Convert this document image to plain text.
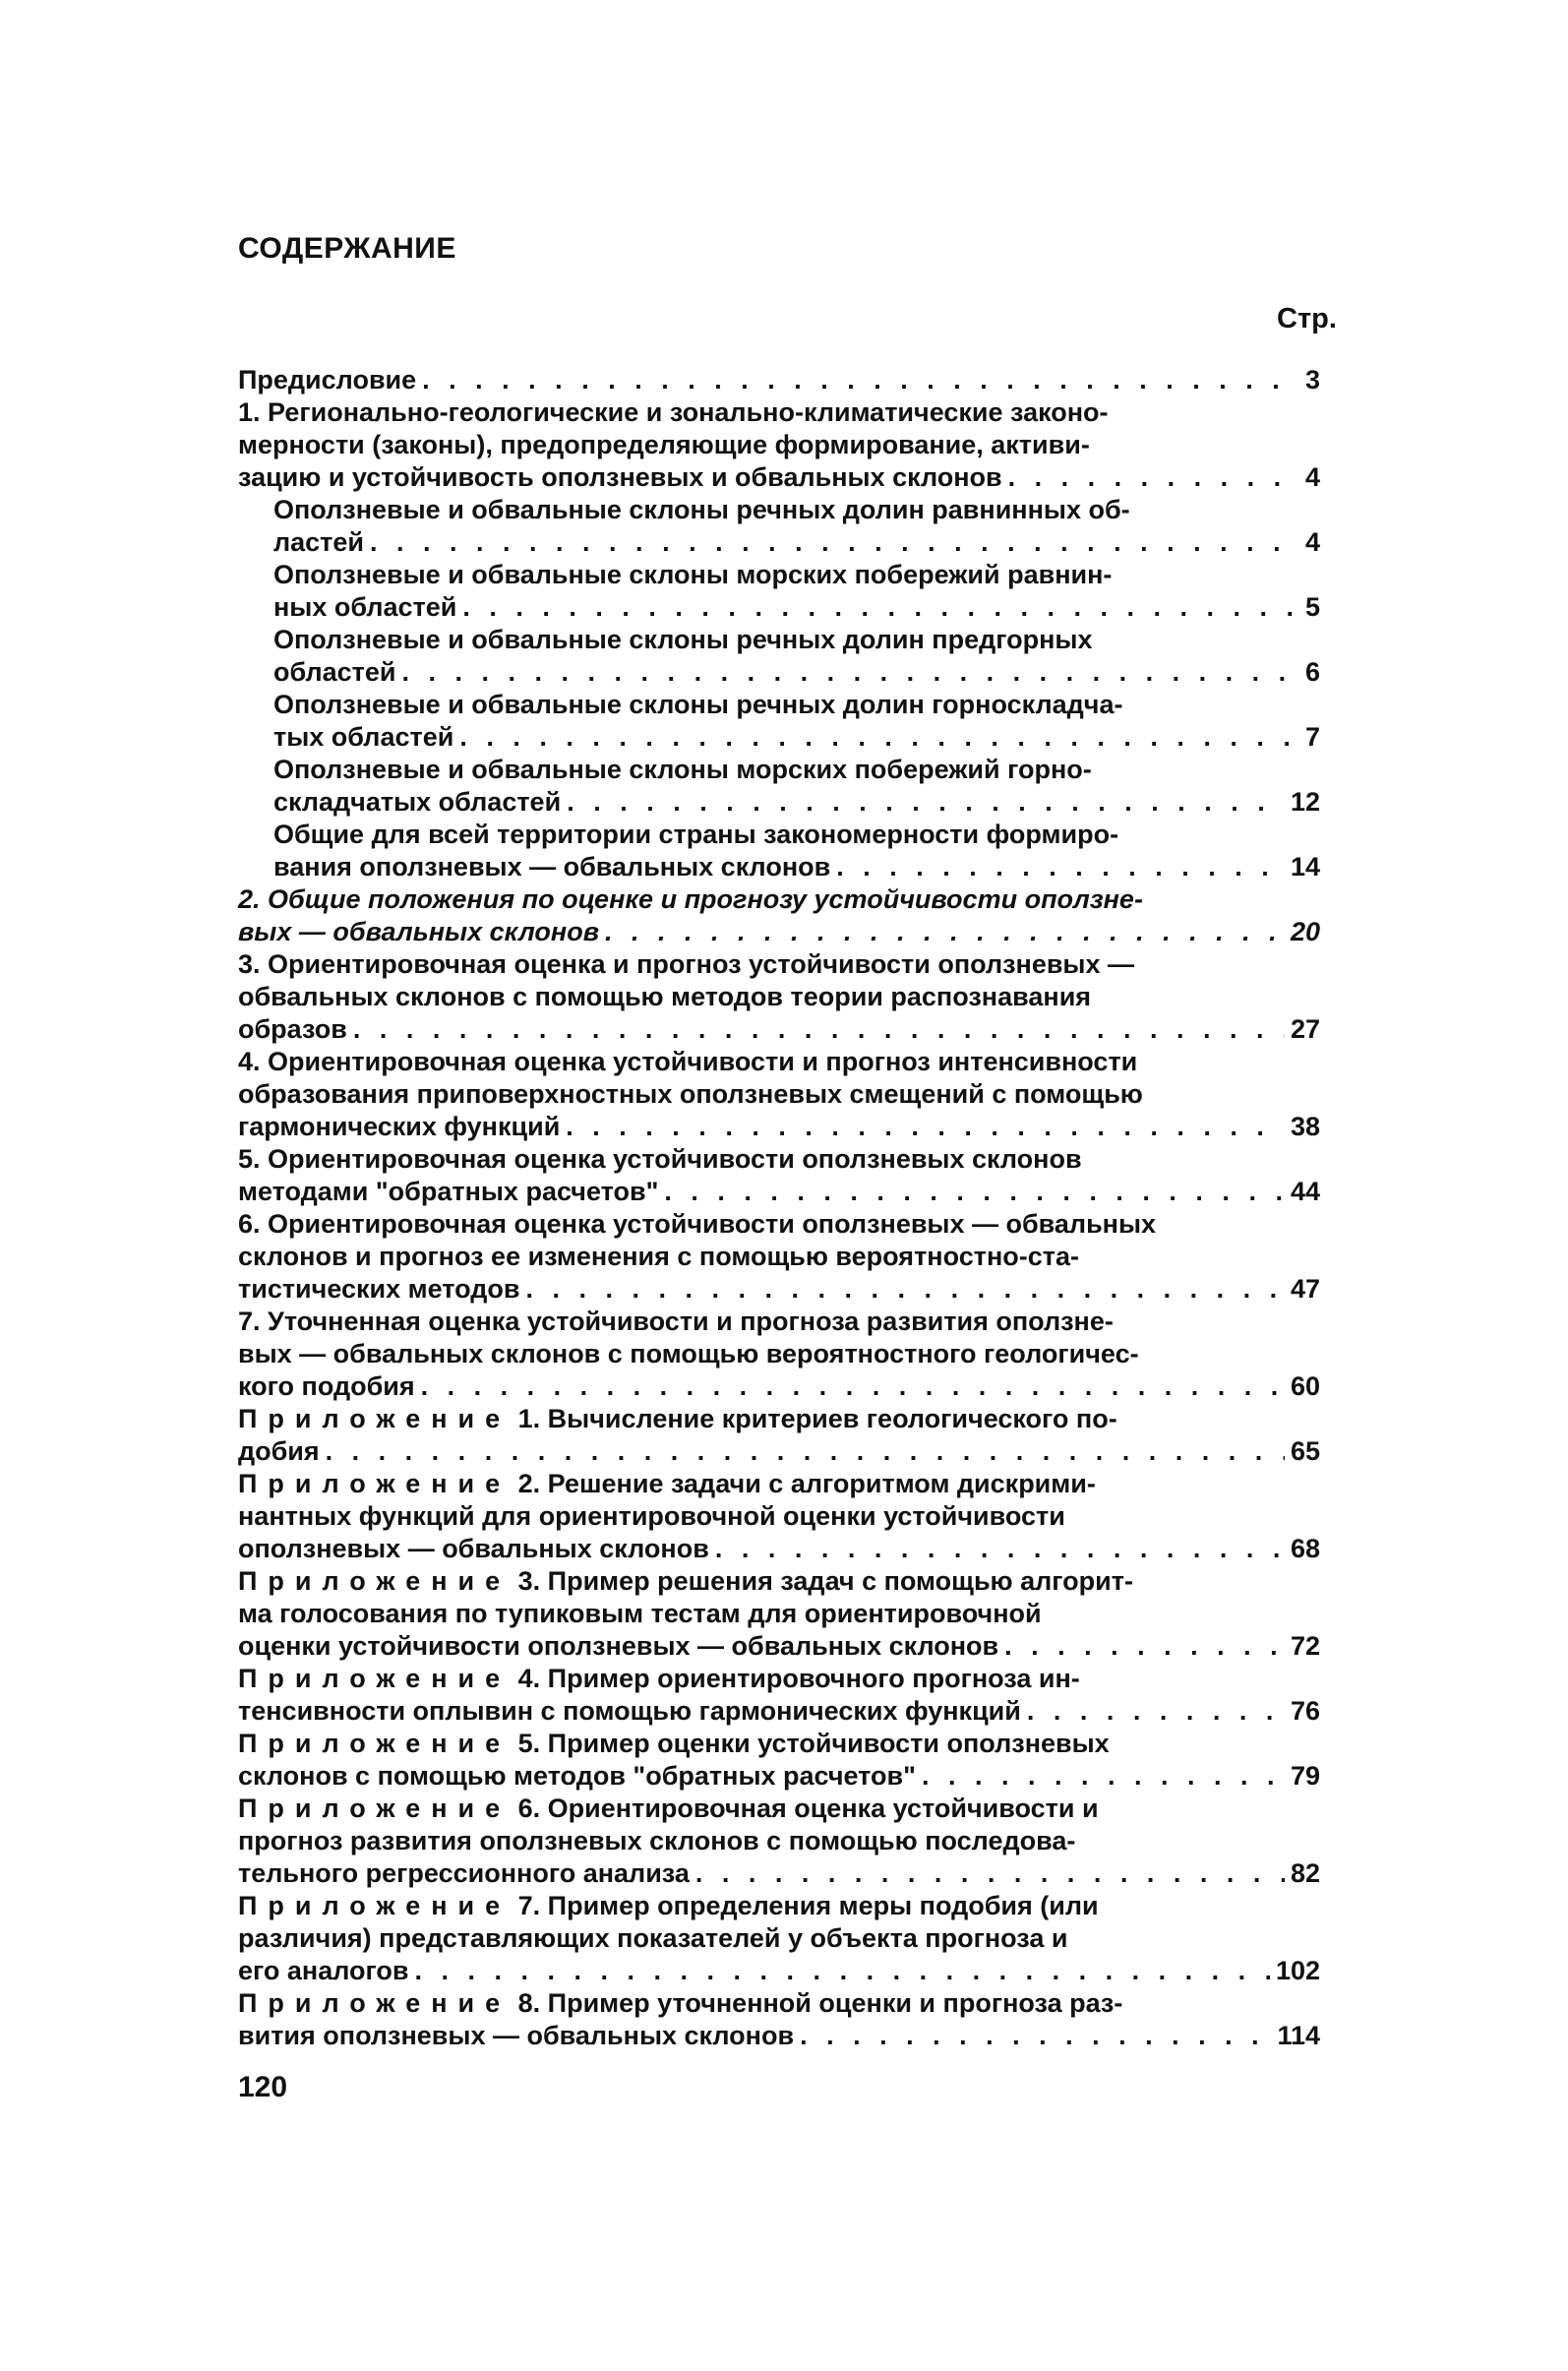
СОДЕРЖАНИЕ
Стр.
Предисловие . . .	3
1. Регионально-геологические и зонально-климатические законо-
мерности (законы), предопределяющие формирование, активи-

зацию и устойчивость оползневых и обвальных склонов . . .	4
Оползневые и обвальные склоны речных долин равнинных об-

ластей . . .	4
Оползневые и обвальные склоны морских побережий равнин-

ных областей . . .	5
Оползневые и обвальные склоны речных долин предгорных

областей . . .	6
Оползневые и обвальные склоны речных долин горноскладча-

тых областей . . .	7
Оползневые и обвальные склоны морских побережий горно-

складчатых областей . . .	12
Общие для всей территории страны закономерности формиро-

вания оползневых — обвальных склонов . . .	14
2. Общие положения по оценке и прогнозу устойчивости оползне-

вых — обвальных склонов . . .	20
3. Ориентировочная оценка и прогноз устойчивости оползневых —
обвальных склонов с помощью методов теории распознавания

образов . . .	27
4. Ориентировочная оценка устойчивости и прогноз интенсивности
образования приповерхностных оползневых смещений с помощью

гармонических функций . . .	38
5. Ориентировочная оценка устойчивости оползневых склонов

методами "обратных расчетов" . . .	44
6. Ориентировочная оценка устойчивости оползневых — обвальных
склонов и прогноз ее изменения с помощью вероятностно-ста-

тистических методов . . .	47
7. Уточненная оценка устойчивости и прогноза развития оползне-
вых — обвальных склонов с помощью вероятностного геологичес-

кого подобия . . .	60
Приложение 1. Вычисление критериев геологического по-

добия . . .	65
Приложение 2. Решение задачи с алгоритмом дискрими-
нантных функций для ориентировочной оценки устойчивости

оползневых — обвальных склонов . . .	68
Приложение 3. Пример решения задач с помощью алгорит-
ма голосования по тупиковым тестам для ориентировочной

оценки устойчивости оползневых — обвальных склонов . . .	72
Приложение 4. Пример ориентировочного прогноза ин-

тенсивности оплывин с помощью гармонических функций . . .	76
Приложение 5. Пример оценки устойчивости оползневых

склонов с помощью методов "обратных расчетов" . . .	79
Приложение 6. Ориентировочная оценка устойчивости и
прогноз развития оползневых склонов с помощью последова-

тельного регрессионного анализа . . .	82
Приложение 7. Пример определения меры подобия (или
различия) представляющих показателей у объекта прогноза и

его аналогов . . .	102
Приложение 8. Пример уточненной оценки и прогноза раз-

вития оползневых — обвальных склонов . . .	114
120
